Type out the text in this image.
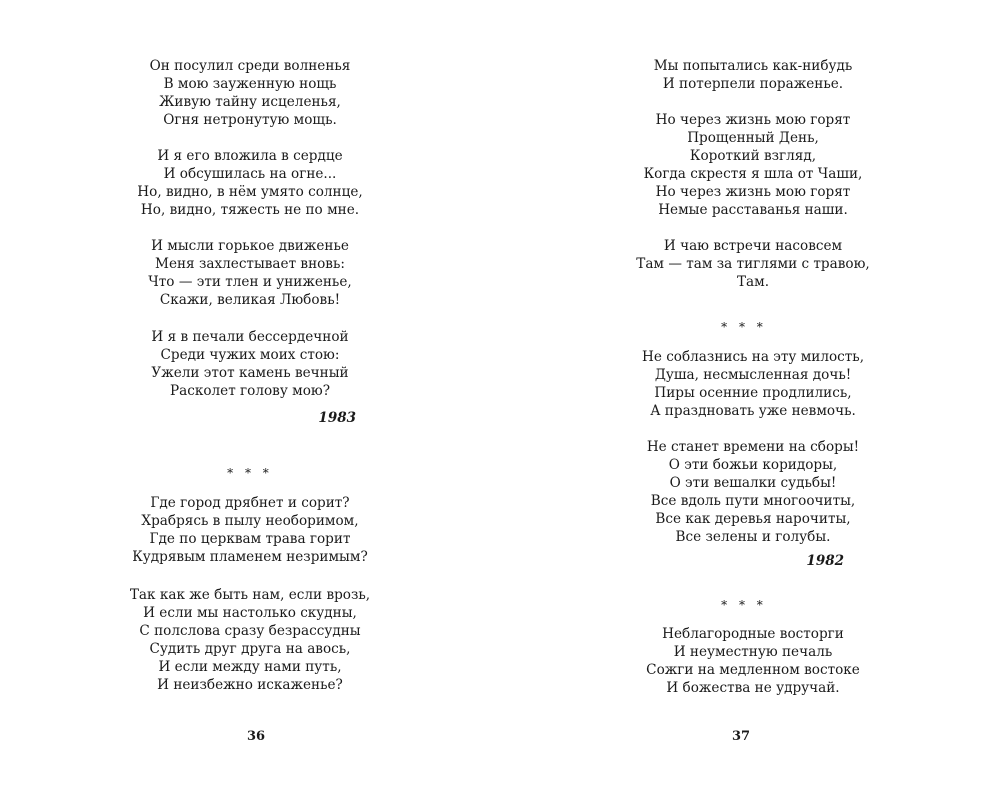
Он посулил среди волненья
В мою зауженную нощь
Живую тайну исцеленья,
Огня нетронутую мощь.
И я его вложила в сердце
И обсушилась на огне...
Но, видно, в нём умято солнце,
Но, видно, тяжесть не по мне.
И мысли горькое движенье
Меня захлестывает вновь:
Что — эти тлен и униженье,
Скажи, великая Любовь!
И я в печали бессердечной
Среди чужих моих стою:
Ужели этот камень вечный
Расколет голову мою?
1983
* * *
Где город дрябнет и сорит?
Храбрясь в пылу необоримом,
Где по церквам трава горит
Кудрявым пламенем незримым?
Так как же быть нам, если врозь,
И если мы настолько скудны,
С полслова сразу безрассудны
Судить друг друга на авось,
И если между нами путь,
И неизбежно искаженье?
36
Мы попытались как-нибудь
И потерпели пораженье.
Но через жизнь мою горят
Прощенный День,
Короткий взгляд,
Когда скрестя я шла от Чаши,
Но через жизнь мою горят
Немые расставанья наши.
И чаю встречи насовсем
Там — там за тиглями с травою,
Там.
* * *
Не соблазнись на эту милость,
Душа, несмысленная дочь!
Пиры осенние продлились,
А праздновать уже невмочь.
Не станет времени на сборы!
О эти божьи коридоры,
О эти вешалки судьбы!
Все вдоль пути многоочиты,
Все как деревья нарочиты,
Все зелены и голубы.
1982
* * *
Неблагородные восторги
И неуместную печаль
Сожги на медленном востоке
И божества не удручай.
37
